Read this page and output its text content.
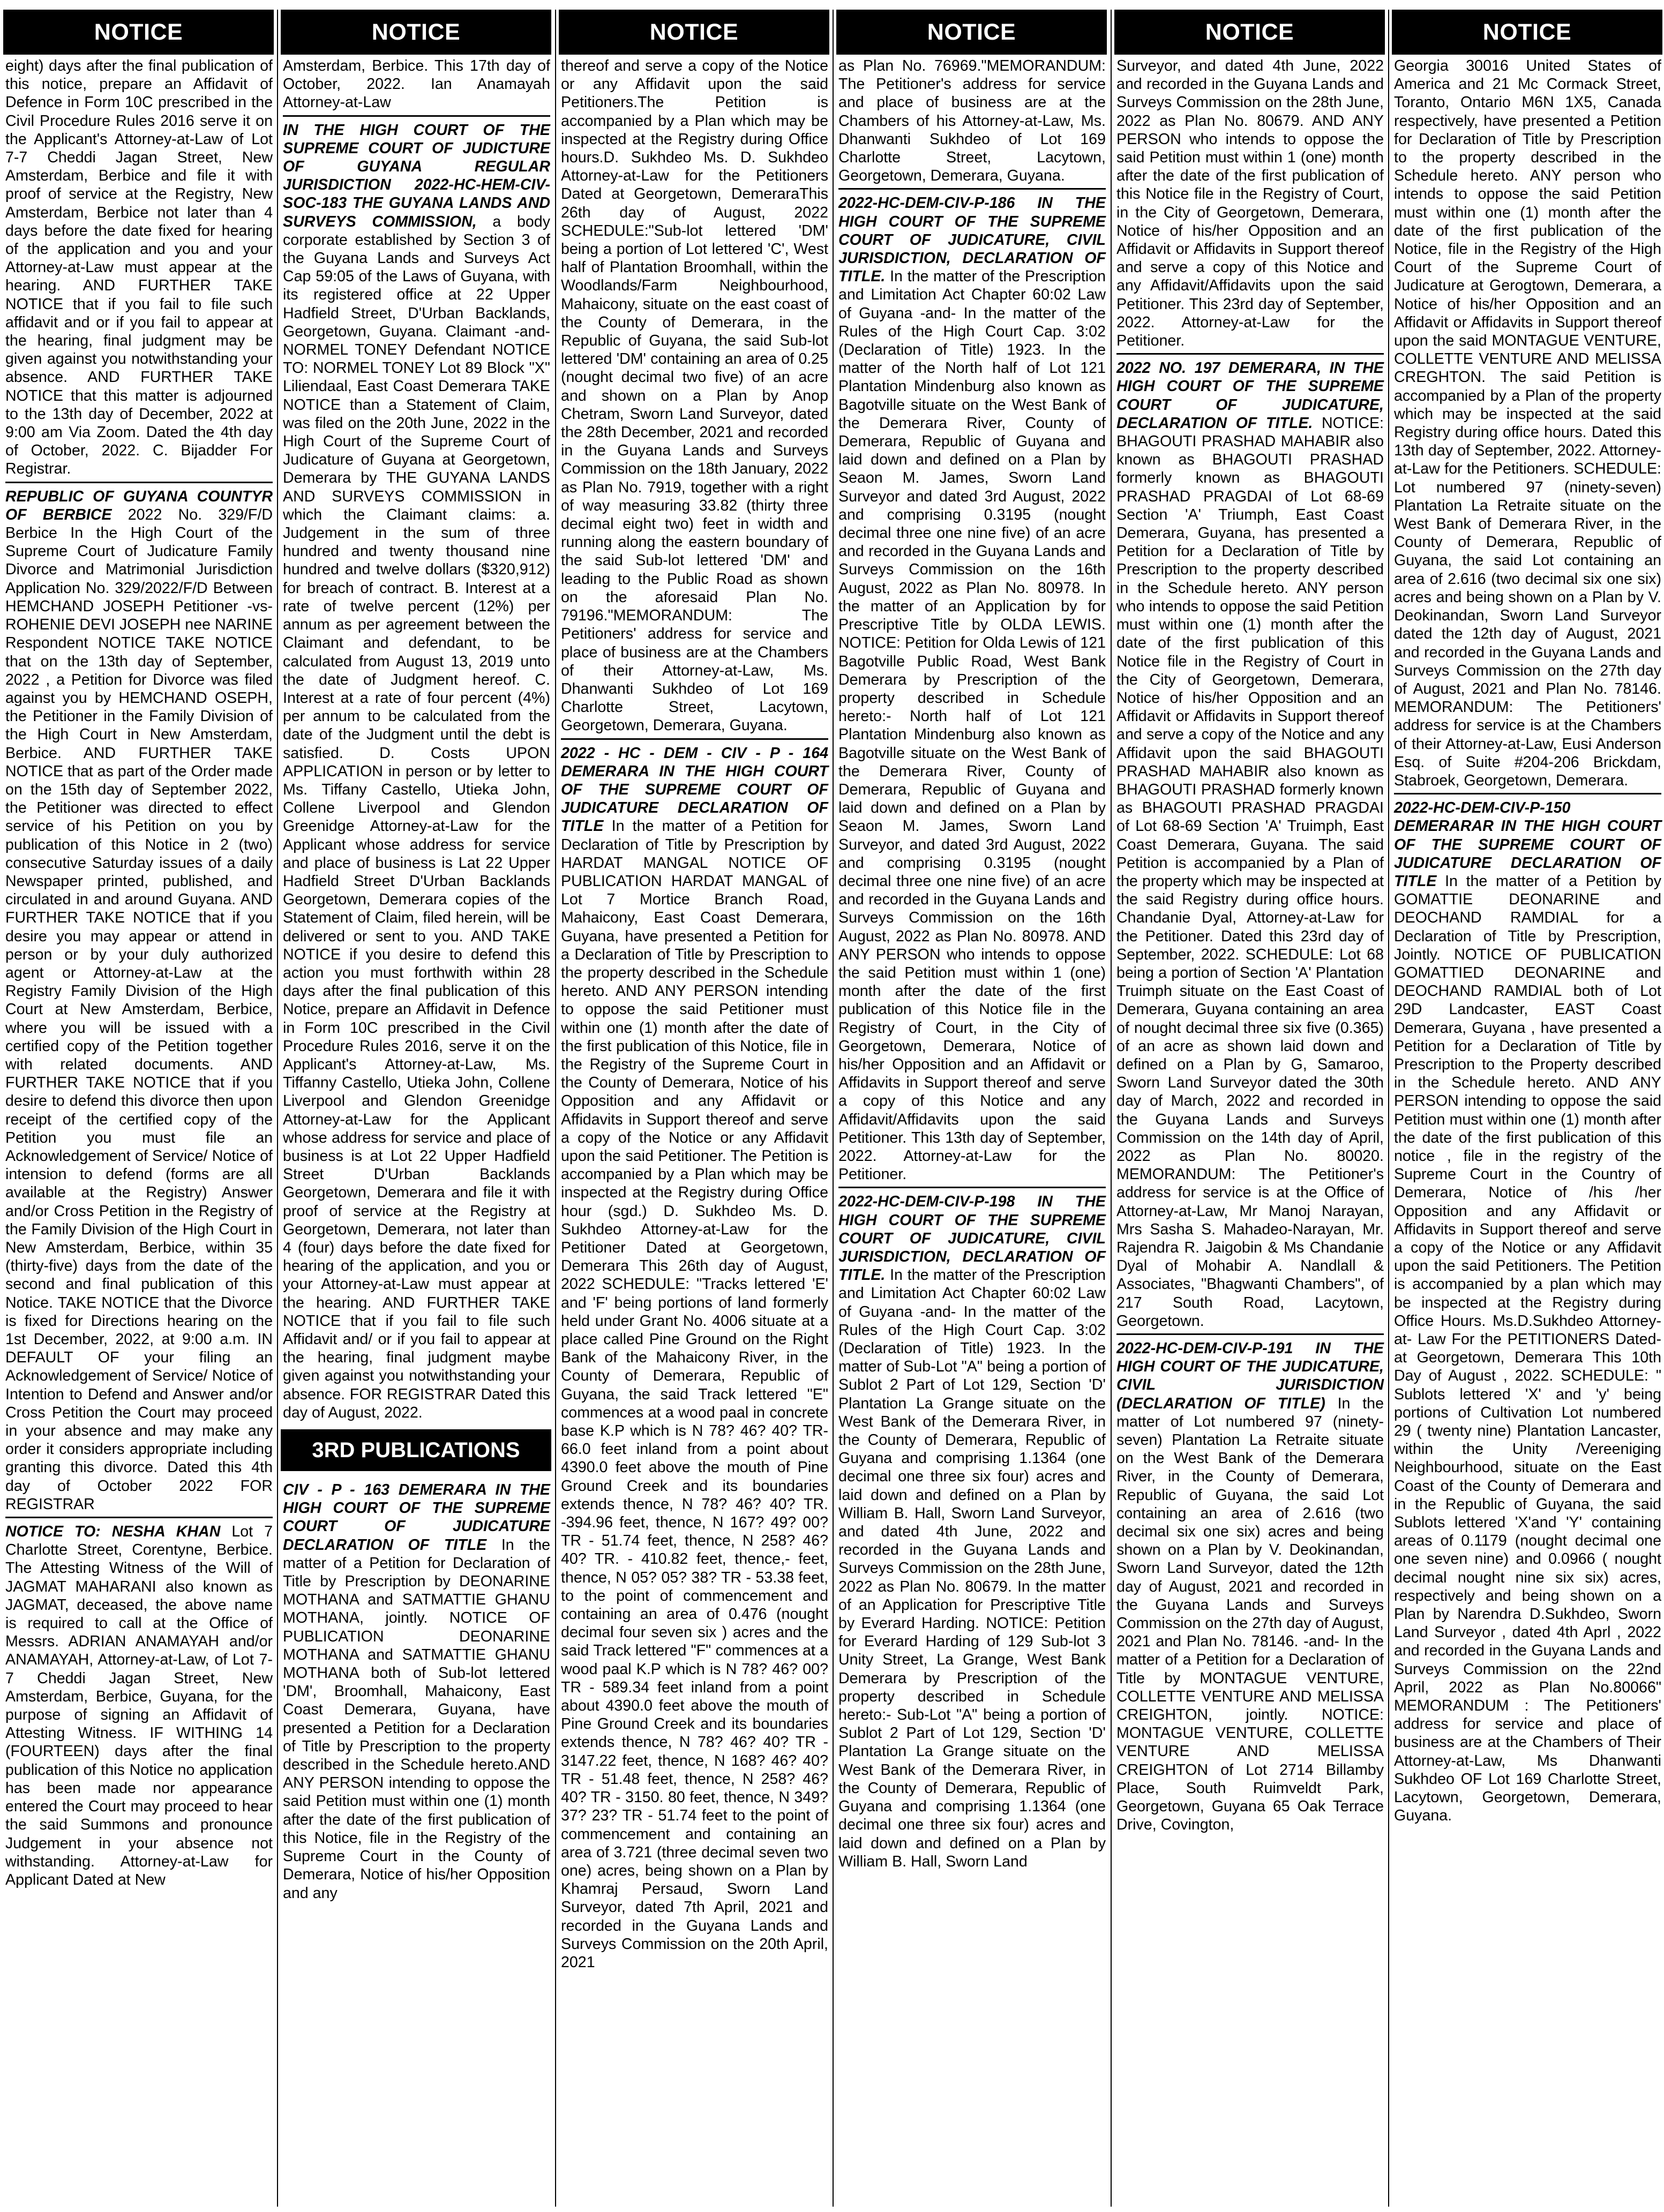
NOTICE
eight) days after the final publication of this notice, prepare an Affidavit of Defence in Form 10C prescribed in the Civil Procedure Rules 2016 serve it on the Applicant's Attorney-at-Law of Lot 7-7 Cheddi Jagan Street, New Amsterdam, Berbice and file it with proof of service at the Registry, New Amsterdam, Berbice not later than 4 days before the date fixed for hearing of the application and you and your Attorney-at-Law must appear at the hearing. AND FURTHER TAKE NOTICE that if you fail to file such affidavit and or if you fail to appear at the hearing, final judgment may be given against you notwithstanding your absence. AND FURTHER TAKE NOTICE that this matter is adjourned to the 13th day of December, 2022 at 9:00 am Via Zoom. Dated the 4th day of October, 2022. C. Bijadder For Registrar.
REPUBLIC OF GUYANA COUNTYR OF BERBICE 2022 No. 329/F/D Berbice In the High Court of the Supreme Court of Judicature Family Divorce and Matrimonial Jurisdiction Application No. 329/2022/F/D Between HEMCHAND JOSEPH Petitioner -vs- ROHENIE DEVI JOSEPH nee NARINE Respondent NOTICE TAKE NOTICE that on the 13th day of September, 2022 , a Petition for Divorce was filed against you by HEMCHAND OSEPH, the Petitioner in the Family Division of the High Court in New Amsterdam, Berbice. AND FURTHER TAKE NOTICE that as part of the Order made on the 15th day of September 2022, the Petitioner was directed to effect service of his Petition on you by publication of this Notice in 2 (two) consecutive Saturday issues of a daily Newspaper printed, published, and circulated in and around Guyana. AND FURTHER TAKE NOTICE that if you desire you may appear or attend in person or by your duly authorized agent or Attorney-at-Law at the Registry Family Division of the High Court at New Amsterdam, Berbice, where you will be issued with a certified copy of the Petition together with related documents. AND FURTHER TAKE NOTICE that if you desire to defend this divorce then upon receipt of the certified copy of the Petition you must file an Acknowledgement of Service/ Notice of intension to defend (forms are all available at the Registry) Answer and/or Cross Petition in the Registry of the Family Division of the High Court in New Amsterdam, Berbice, within 35 (thirty-five) days from the date of the second and final publication of this Notice. TAKE NOTICE that the Divorce is fixed for Directions hearing on the 1st December, 2022, at 9:00 a.m. IN DEFAULT OF your filing an Acknowledgement of Service/ Notice of Intention to Defend and Answer and/or Cross Petition the Court may proceed in your absence and may make any order it considers appropriate including granting this divorce. Dated this 4th day of October 2022 FOR REGISTRAR
NOTICE TO: NESHA KHAN Lot 7 Charlotte Street, Corentyne, Berbice. The Attesting Witness of the Will of JAGMAT MAHARANI also known as JAGMAT, deceased, the above name is required to call at the Office of Messrs. ADRIAN ANAMAYAH and/or ANAMAYAH, Attorney-at-Law, of Lot 7-7 Cheddi Jagan Street, New Amsterdam, Berbice, Guyana, for the purpose of signing an Affidavit of Attesting Witness. IF WITHING 14 (FOURTEEN) days after the final publication of this Notice no application has been made nor appearance entered the Court may proceed to hear the said Summons and pronounce Judgement in your absence not withstanding. Attorney-at-Law for Applicant Dated at New
NOTICE
Amsterdam, Berbice. This 17th day of October, 2022. Ian Anamayah Attorney-at-Law
IN THE HIGH COURT OF THE SUPREME COURT OF JUDICTURE OF GUYANA REGULAR JURISDICTION 2022-HC-HEM-CIV-SOC-183 THE GUYANA LANDS AND SURVEYS COMMISSION, a body corporate established by Section 3 of the Guyana Lands and Surveys Act Cap 59:05 of the Laws of Guyana, with its registered office at 22 Upper Hadfield Street, D'Urban Backlands, Georgetown, Guyana. Claimant -and- NORMEL TONEY Defendant NOTICE TO: NORMEL TONEY Lot 89 Block "X" Liliendaal, East Coast Demerara TAKE NOTICE than a Statement of Claim, was filed on the 20th June, 2022 in the High Court of the Supreme Court of Judicature of Guyana at Georgetown, Demerara by THE GUYANA LANDS AND SURVEYS COMMISSION in which the Claimant claims: a. Judgement in the sum of three hundred and twenty thousand nine hundred and twelve dollars ($320,912) for breach of contract. B. Interest at a rate of twelve percent (12%) per annum as per agreement between the Claimant and defendant, to be calculated from August 13, 2019 unto the date of Judgment hereof. C. Interest at a rate of four percent (4%) per annum to be calculated from the date of the Judgment until the debt is satisfied. D. Costs UPON APPLICATION in person or by letter to Ms. Tiffany Castello, Utieka John, Collene Liverpool and Glendon Greenidge Attorney-at-Law for the Applicant whose address for service and place of business is Lat 22 Upper Hadfield Street D'Urban Backlands Georgetown, Demerara copies of the Statement of Claim, filed herein, will be delivered or sent to you. AND TAKE NOTICE if you desire to defend this action you must forthwith within 28 days after the final publication of this Notice, prepare an Affidavit in Defence in Form 10C prescribed in the Civil Procedure Rules 2016, serve it on the Applicant's Attorney-at-Law, Ms. Tiffanny Castello, Utieka John, Collene Liverpool and Glendon Greenidge Attorney-at-Law for the Applicant whose address for service and place of business is at Lot 22 Upper Hadfield Street D'Urban Backlands Georgetown, Demerara and file it with proof of service at the Registry at Georgetown, Demerara, not later than 4 (four) days before the date fixed for hearing of the application, and you or your Attorney-at-Law must appear at the hearing. AND FURTHER TAKE NOTICE that if you fail to file such Affidavit and/ or if you fail to appear at the hearing, final judgment maybe given against you notwithstanding your absence. FOR REGISTRAR Dated this day of August, 2022.
3RD PUBLICATIONS
CIV - P - 163 DEMERARA IN THE HIGH COURT OF THE SUPREME COURT OF JUDICATURE DECLARATION OF TITLE In the matter of a Petition for Declaration of Title by Prescription by DEONARINE MOTHANA and SATMATTIE GHANU MOTHANA, jointly. NOTICE OF PUBLICATION DEONARINE MOTHANA and SATMATTIE GHANU MOTHANA both of Sub-lot lettered 'DM', Broomhall, Mahaicony, East Coast Demerara, Guyana, have presented a Petition for a Declaration of Title by Prescription to the property described in the Schedule hereto.AND ANY PERSON intending to oppose the said Petition must within one (1) month after the date of the first publication of this Notice, file in the Registry of the Supreme Court in the County of Demerara, Notice of his/her Opposition and any
NOTICE
thereof and serve a copy of the Notice or any Affidavit upon the said Petitioners.The Petition is accompanied by a Plan which may be inspected at the Registry during Office hours.D. Sukhdeo Ms. D. Sukhdeo Attorney-at-Law for the Petitioners Dated at Georgetown, DemeraraThis 26th day of August, 2022 SCHEDULE:"Sub-lot lettered 'DM' being a portion of Lot lettered 'C', West half of Plantation Broomhall, within the Woodlands/Farm Neighbourhood, Mahaicony, situate on the east coast of the County of Demerara, in the Republic of Guyana, the said Sub-lot lettered 'DM' containing an area of 0.25 (nought decimal two five) of an acre and shown on a Plan by Anop Chetram, Sworn Land Surveyor, dated the 28th December, 2021 and recorded in the Guyana Lands and Surveys Commission on the 18th January, 2022 as Plan No. 7919, together with a right of way measuring 33.82 (thirty three decimal eight two) feet in width and running along the eastern boundary of the said Sub-lot lettered 'DM' and leading to the Public Road as shown on the aforesaid Plan No. 79196."MEMORANDUM: The Petitioners' address for service and place of business are at the Chambers of their Attorney-at-Law, Ms. Dhanwanti Sukhdeo of Lot 169 Charlotte Street, Lacytown, Georgetown, Demerara, Guyana.
2022 - HC - DEM - CIV - P - 164 DEMERARA IN THE HIGH COURT OF THE SUPREME COURT OF JUDICATURE DECLARATION OF TITLE In the matter of a Petition for Declaration of Title by Prescription by HARDAT MANGAL NOTICE OF PUBLICATION HARDAT MANGAL of Lot 7 Mortice Branch Road, Mahaicony, East Coast Demerara, Guyana, have presented a Petition for a Declaration of Title by Prescription to the property described in the Schedule hereto. AND ANY PERSON intending to oppose the said Petitioner must within one (1) month after the date of the first publication of this Notice, file in the Registry of the Supreme Court in the County of Demerara, Notice of his Opposition and any Affidavit or Affidavits in Support thereof and serve a copy of the Notice or any Affidavit upon the said Petitioner. The Petition is accompanied by a Plan which may be inspected at the Registry during Office hour (sgd.) D. Sukhdeo Ms. D. Sukhdeo Attorney-at-Law for the Petitioner Dated at Georgetown, Demerara This 26th day of August, 2022 SCHEDULE: "Tracks lettered 'E' and 'F' being portions of land formerly held under Grant No. 4006 situate at a place called Pine Ground on the Right Bank of the Mahaicony River, in the County of Demerara, Republic of Guyana, the said Track lettered "E" commences at a wood paal in concrete base K.P which is N 78? 46? 40? TR-66.0 feet inland from a point about 4390.0 feet above the mouth of Pine Ground Creek and its boundaries extends thence, N 78? 46? 40? TR. -394.96 feet, thence, N 167? 49? 00? TR - 51.74 feet, thence, N 258? 46? 40? TR. - 410.82 feet, thence,- feet, thence, N 05? 05? 38? TR - 53.38 feet, to the point of commencement and containing an area of 0.476 (nought decimal four seven six ) acres and the said Track lettered "F" commences at a wood paal K.P which is N 78? 46? 00? TR - 589.34 feet inland from a point about 4390.0 feet above the mouth of Pine Ground Creek and its boundaries extends thence, N 78? 46? 40? TR - 3147.22 feet, thence, N 168? 46? 40? TR - 51.48 feet, thence, N 258? 46? 40? TR - 3150. 80 feet, thence, N 349?37? 23? TR - 51.74 feet to the point of commencement and containing an area of 3.721 (three decimal seven two one) acres, being shown on a Plan by Khamraj Persaud, Sworn Land Surveyor, dated 7th April, 2021 and recorded in the Guyana Lands and Surveys Commission on the 20th April, 2021
NOTICE
as Plan No. 76969."MEMORANDUM: The Petitioner's address for service and place of business are at the Chambers of his Attorney-at-Law, Ms. Dhanwanti Sukhdeo of Lot 169 Charlotte Street, Lacytown, Georgetown, Demerara, Guyana.
2022-HC-DEM-CIV-P-186 IN THE HIGH COURT OF THE SUPREME COURT OF JUDICATURE, CIVIL JURISDICTION, DECLARATION OF TITLE. In the matter of the Prescription and Limitation Act Chapter 60:02 Law of Guyana -and- In the matter of the Rules of the High Court Cap. 3:02 (Declaration of Title) 1923. In the matter of the North half of Lot 121 Plantation Mindenburg also known as Bagotville situate on the West Bank of the Demerara River, County of Demerara, Republic of Guyana and laid down and defined on a Plan by Seaon M. James, Sworn Land Surveyor and dated 3rd August, 2022 and comprising 0.3195 (nought decimal three one nine five) of an acre and recorded in the Guyana Lands and Surveys Commission on the 16th August, 2022 as Plan No. 80978. In the matter of an Application by for Prescriptive Title by OLDA LEWIS. NOTICE: Petition for Olda Lewis of 121 Bagotville Public Road, West Bank Demerara by Prescription of the property described in Schedule hereto:- North half of Lot 121 Plantation Mindenburg also known as Bagotville situate on the West Bank of the Demerara River, County of Demerara, Republic of Guyana and laid down and defined on a Plan by Seaon M. James, Sworn Land Surveyor, and dated 3rd August, 2022 and comprising 0.3195 (nought decimal three one nine five) of an acre and recorded in the Guyana Lands and Surveys Commission on the 16th August, 2022 as Plan No. 80978. AND ANY PERSON who intends to oppose the said Petition must within 1 (one) month after the date of the first publication of this Notice file in the Registry of Court, in the City of Georgetown, Demerara, Notice of his/her Opposition and an Affidavit or Affidavits in Support thereof and serve a copy of this Notice and any Affidavit/Affidavits upon the said Petitioner. This 13th day of September, 2022. Attorney-at-Law for the Petitioner.
2022-HC-DEM-CIV-P-198 IN THE HIGH COURT OF THE SUPREME COURT OF JUDICATURE, CIVIL JURISDICTION, DECLARATION OF TITLE. In the matter of the Prescription and Limitation Act Chapter 60:02 Law of Guyana -and- In the matter of the Rules of the High Court Cap. 3:02 (Declaration of Title) 1923. In the matter of Sub-Lot "A" being a portion of Sublot 2 Part of Lot 129, Section 'D' Plantation La Grange situate on the West Bank of the Demerara River, in the County of Demerara, Republic of Guyana and comprising 1.1364 (one decimal one three six four) acres and laid down and defined on a Plan by William B. Hall, Sworn Land Surveyor, and dated 4th June, 2022 and recorded in the Guyana Lands and Surveys Commission on the 28th June, 2022 as Plan No. 80679. In the matter of an Application for Prescriptive Title by Everard Harding. NOTICE: Petition for Everard Harding of 129 Sub-lot 3 Unity Street, La Grange, West Bank Demerara by Prescription of the property described in Schedule hereto:- Sub-Lot "A" being a portion of Sublot 2 Part of Lot 129, Section 'D' Plantation La Grange situate on the West Bank of the Demerara River, in the County of Demerara, Republic of Guyana and comprising 1.1364 (one decimal one three six four) acres and laid down and defined on a Plan by William B. Hall, Sworn Land
NOTICE
Surveyor, and dated 4th June, 2022 and recorded in the Guyana Lands and Surveys Commission on the 28th June, 2022 as Plan No. 80679. AND ANY PERSON who intends to oppose the said Petition must within 1 (one) month after the date of the first publication of this Notice file in the Registry of Court, in the City of Georgetown, Demerara, Notice of his/her Opposition and an Affidavit or Affidavits in Support thereof and serve a copy of this Notice and any Affidavit/Affidavits upon the said Petitioner. This 23rd day of September, 2022. Attorney-at-Law for the Petitioner.
2022 NO. 197 DEMERARA, IN THE HIGH COURT OF THE SUPREME COURT OF JUDICATURE, DECLARATION OF TITLE. NOTICE: BHAGOUTI PRASHAD MAHABIR also known as BHAGOUTI PRASHAD formerly known as BHAGOUTI PRASHAD PRAGDAI of Lot 68-69 Section 'A' Triumph, East Coast Demerara, Guyana, has presented a Petition for a Declaration of Title by Prescription to the property described in the Schedule hereto. ANY person who intends to oppose the said Petition must within one (1) month after the date of the first publication of this Notice file in the Registry of Court in the City of Georgetown, Demerara, Notice of his/her Opposition and an Affidavit or Affidavits in Support thereof and serve a copy of the Notice and any Affidavit upon the said BHAGOUTI PRASHAD MAHABIR also known as BHAGOUTI PRASHAD formerly known as BHAGOUTI PRASHAD PRAGDAI of Lot 68-69 Section 'A' Truimph, East Coast Demerara, Guyana. The said Petition is accompanied by a Plan of the property which may be inspected at the said Registry during office hours. Chandanie Dyal, Attorney-at-Law for the Petitioner. Dated this 23rd day of September, 2022. SCHEDULE: Lot 68 being a portion of Section 'A' Plantation Truimph situate on the East Coast of Demerara, Guyana containing an area of nought decimal three six five (0.365) of an acre as shown laid down and defined on a Plan by G, Samaroo, Sworn Land Surveyor dated the 30th day of March, 2022 and recorded in the Guyana Lands and Surveys Commission on the 14th day of April, 2022 as Plan No. 80020. MEMORANDUM: The Petitioner's address for service is at the Office of Attorney-at-Law, Mr Manoj Narayan, Mrs Sasha S. Mahadeo-Narayan, Mr. Rajendra R. Jaigobin & Ms Chandanie Dyal of Mohabir A. Nandlall & Associates, "Bhagwanti Chambers", of 217 South Road, Lacytown, Georgetown.
2022-HC-DEM-CIV-P-191 IN THE HIGH COURT OF THE JUDICATURE, CIVIL JURISDICTION (DECLARATION OF TITLE) In the matter of Lot numbered 97 (ninety-seven) Plantation La Retraite situate on the West Bank of the Demerara River, in the County of Demerara, Republic of Guyana, the said Lot containing an area of 2.616 (two decimal six one six) acres and being shown on a Plan by V. Deokinandan, Sworn Land Surveyor, dated the 12th day of August, 2021 and recorded in the Guyana Lands and Surveys Commission on the 27th day of August, 2021 and Plan No. 78146. -and- In the matter of a Petition for a Declaration of Title by MONTAGUE VENTURE, COLLETTE VENTURE AND MELISSA CREIGHTON, jointly. NOTICE: MONTAGUE VENTURE, COLLETTE VENTURE AND MELISSA CREIGHTON of Lot 2714 Billamby Place, South Ruimveldt Park, Georgetown, Guyana 65 Oak Terrace Drive, Covington,
NOTICE
Georgia 30016 United States of America and 21 Mc Cormack Street, Toranto, Ontario M6N 1X5, Canada respectively, have presented a Petition for Declaration of Title by Prescription to the property described in the Schedule hereto. ANY person who intends to oppose the said Petition must within one (1) month after the date of the first publication of the Notice, file in the Registry of the High Court of the Supreme Court of Judicature at Gerogtown, Demerara, a Notice of his/her Opposition and an Affidavit or Affidavits in Support thereof upon the said MONTAGUE VENTURE, COLLETTE VENTURE AND MELISSA CREGHTON. The said Petition is accompanied by a Plan of the property which may be inspected at the said Registry during office hours. Dated this 13th day of September, 2022. Attorney-at-Law for the Petitioners. SCHEDULE: Lot numbered 97 (ninety-seven) Plantation La Retraite situate on the West Bank of Demerara River, in the County of Demerara, Republic of Guyana, the said Lot containing an area of 2.616 (two decimal six one six) acres and being shown on a Plan by V. Deokinandan, Sworn Land Surveyor dated the 12th day of August, 2021 and recorded in the Guyana Lands and Surveys Commission on the 27th day of August, 2021 and Plan No. 78146. MEMORANDUM: The Petitioners' address for service is at the Chambers of their Attorney-at-Law, Eusi Anderson Esq. of Suite #204-206 Brickdam, Stabroek, Georgetown, Demerara.
2022-HC-DEM-CIV-P-150 DEMERARAR IN THE HIGH COURT OF THE SUPREME COURT OF JUDICATURE DECLARATION OF TITLE In the matter of a Petition by GOMATTIE DEONARINE and DEOCHAND RAMDIAL for a Declaration of Title by Prescription, Jointly. NOTICE OF PUBLICATION GOMATTIED DEONARINE and DEOCHAND RAMDIAL both of Lot 29D Landcaster, EAST Coast Demerara, Guyana , have presented a Petition for a Declaration of Title by Prescription to the Property described in the Schedule hereto. AND ANY PERSON intending to oppose the said Petition must within one (1) month after the date of the first publication of this notice , file in the registry of the Supreme Court in the Country of Demerara, Notice of /his /her Opposition and any Affidavit or Affidavits in Support thereof and serve a copy of the Notice or any Affidavit upon the said Petitioners. The Petition is accompanied by a plan which may be inspected at the Registry during Office Hours. Ms.D.Sukhdeo Attorney-at- Law For the PETITIONERS Dated-at Georgetown, Demerara This 10th Day of August , 2022. SCHEDULE: " Sublots lettered 'X' and 'y' being portions of Cultivation Lot numbered 29 ( twenty nine) Plantation Lancaster, within the Unity /Vereeniging Neighbourhood, situate on the East Coast of the County of Demerara and in the Republic of Guyana, the said Sublots lettered 'X'and 'Y' containing areas of 0.1179 (nought decimal one one seven nine) and 0.0966 ( nought decimal nought nine six six) acres, respectively and being shown on a Plan by Narendra D.Sukhdeo, Sworn Land Surveyor , dated 4th Aprl , 2022 and recorded in the Guyana Lands and Surveys Commission on the 22nd April, 2022 as Plan No.80066" MEMORANDUM : The Petitioners' address for service and place of business are at the Chambers of Their Attorney-at-Law, Ms Dhanwanti Sukhdeo OF Lot 169 Charlotte Street, Lacytown, Georgetown, Demerara, Guyana.
